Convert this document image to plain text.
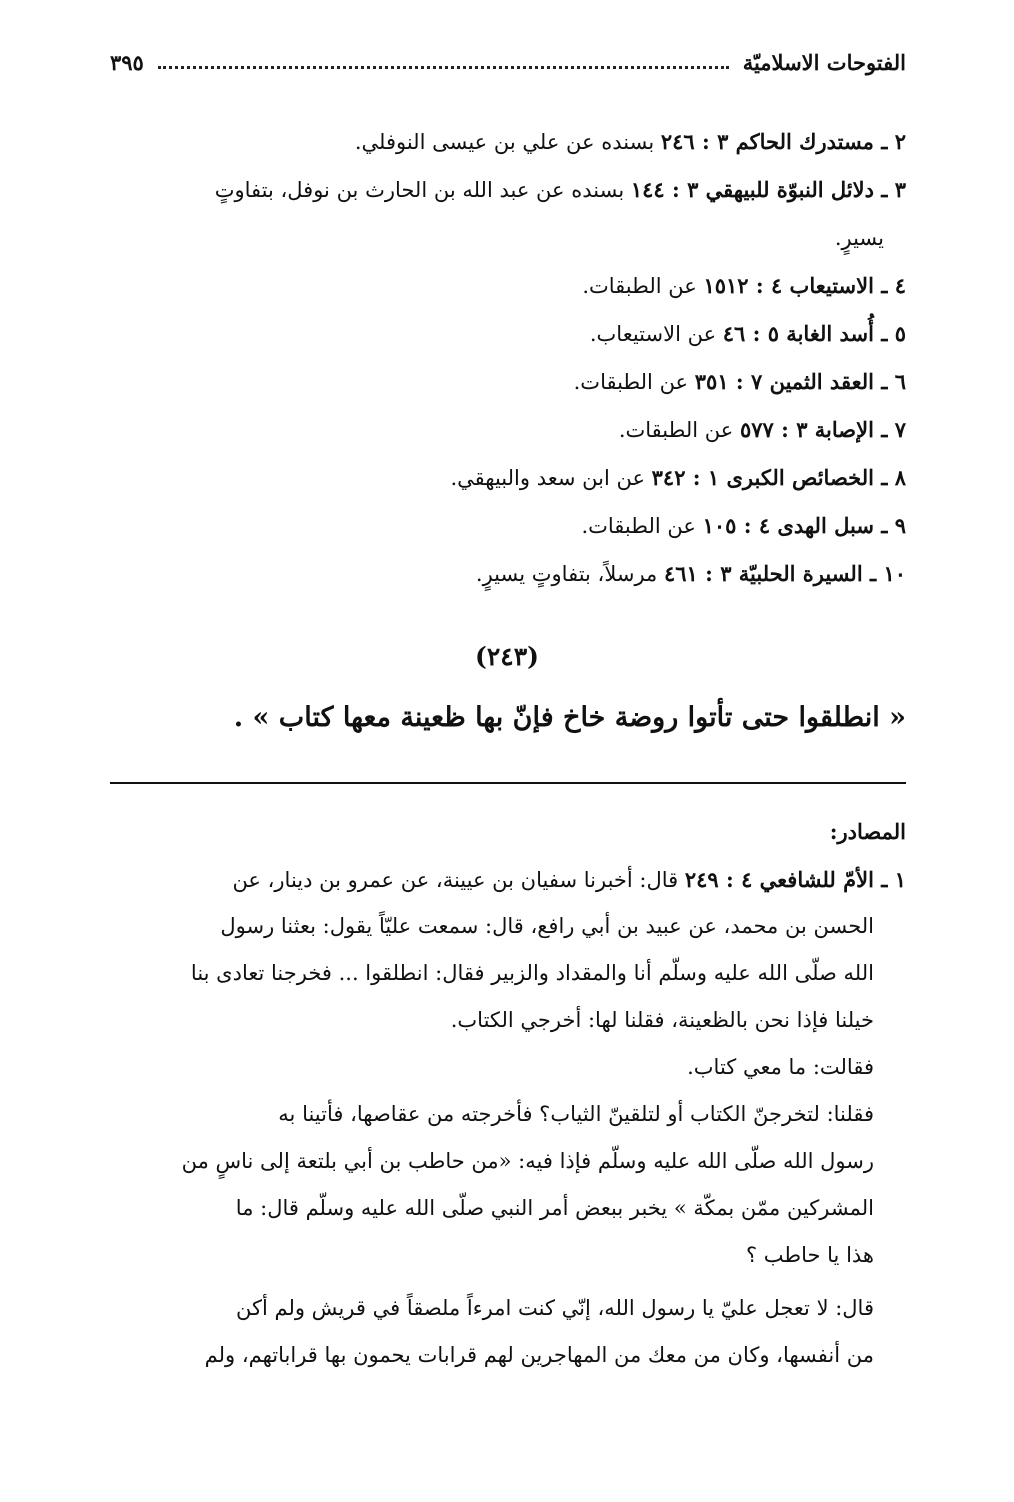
الفتوحات الاسلاميّة
٣٩٥
٢ ـ مستدرك الحاكم ٣ : ٢٤٦ بسنده عن علي بن عيسى النوفلي.
٣ ـ دلائل النبوّة للبيهقي ٣ : ١٤٤ بسنده عن عبد الله بن الحارث بن نوفل، بتفاوتٍ
يسيرٍ.
٤ ـ الاستيعاب ٤ : ١٥١٢ عن الطبقات.
٥ ـ أُسد الغابة ٥ : ٤٦ عن الاستيعاب.
٦ ـ العقد الثمين ٧ : ٣٥١ عن الطبقات.
٧ ـ الإصابة ٣ : ٥٧٧ عن الطبقات.
٨ ـ الخصائص الكبرى ١ : ٣٤٢ عن ابن سعد والبيهقي.
٩ ـ سبل الهدى ٤ : ١٠٥ عن الطبقات.
١٠ ـ السيرة الحلبيّة ٣ : ٤٦١ مرسلاً، بتفاوتٍ يسيرٍ.
(٢٤٣)
« انطلقوا حتى تأتوا روضة خاخ فإنّ بها ظعينة معها كتاب » .
المصادر:
١ ـ الأمّ للشافعي ٤ : ٢٤٩ قال: أخبرنا سفيان بن عيينة، عن عمرو بن دينار، عن
الحسن بن محمد، عن عبيد بن أبي رافع، قال: سمعت عليّاً يقول: بعثنا رسول
الله صلّى الله عليه وسلّم أنا والمقداد والزبير فقال: انطلقوا ... فخرجنا تعادى بنا
خيلنا فإذا نحن بالظعينة، فقلنا لها: أخرجي الكتاب.
فقالت: ما معي كتاب.
فقلنا: لتخرجنّ الكتاب أو لتلقينّ الثياب؟ فأخرجته من عقاصها، فأتينا به
رسول الله صلّى الله عليه وسلّم فإذا فيه: «من حاطب بن أبي بلتعة إلى ناسٍ من
المشركين ممّن بمكّة » يخبر ببعض أمر النبي صلّى الله عليه وسلّم قال: ما
هذا يا حاطب ؟
قال: لا تعجل عليّ يا رسول الله، إنّي كنت امرءاً ملصقاً في قريش ولم أكن
من أنفسها، وكان من معك من المهاجرين لهم قرابات يحمون بها قراباتهم، ولم
